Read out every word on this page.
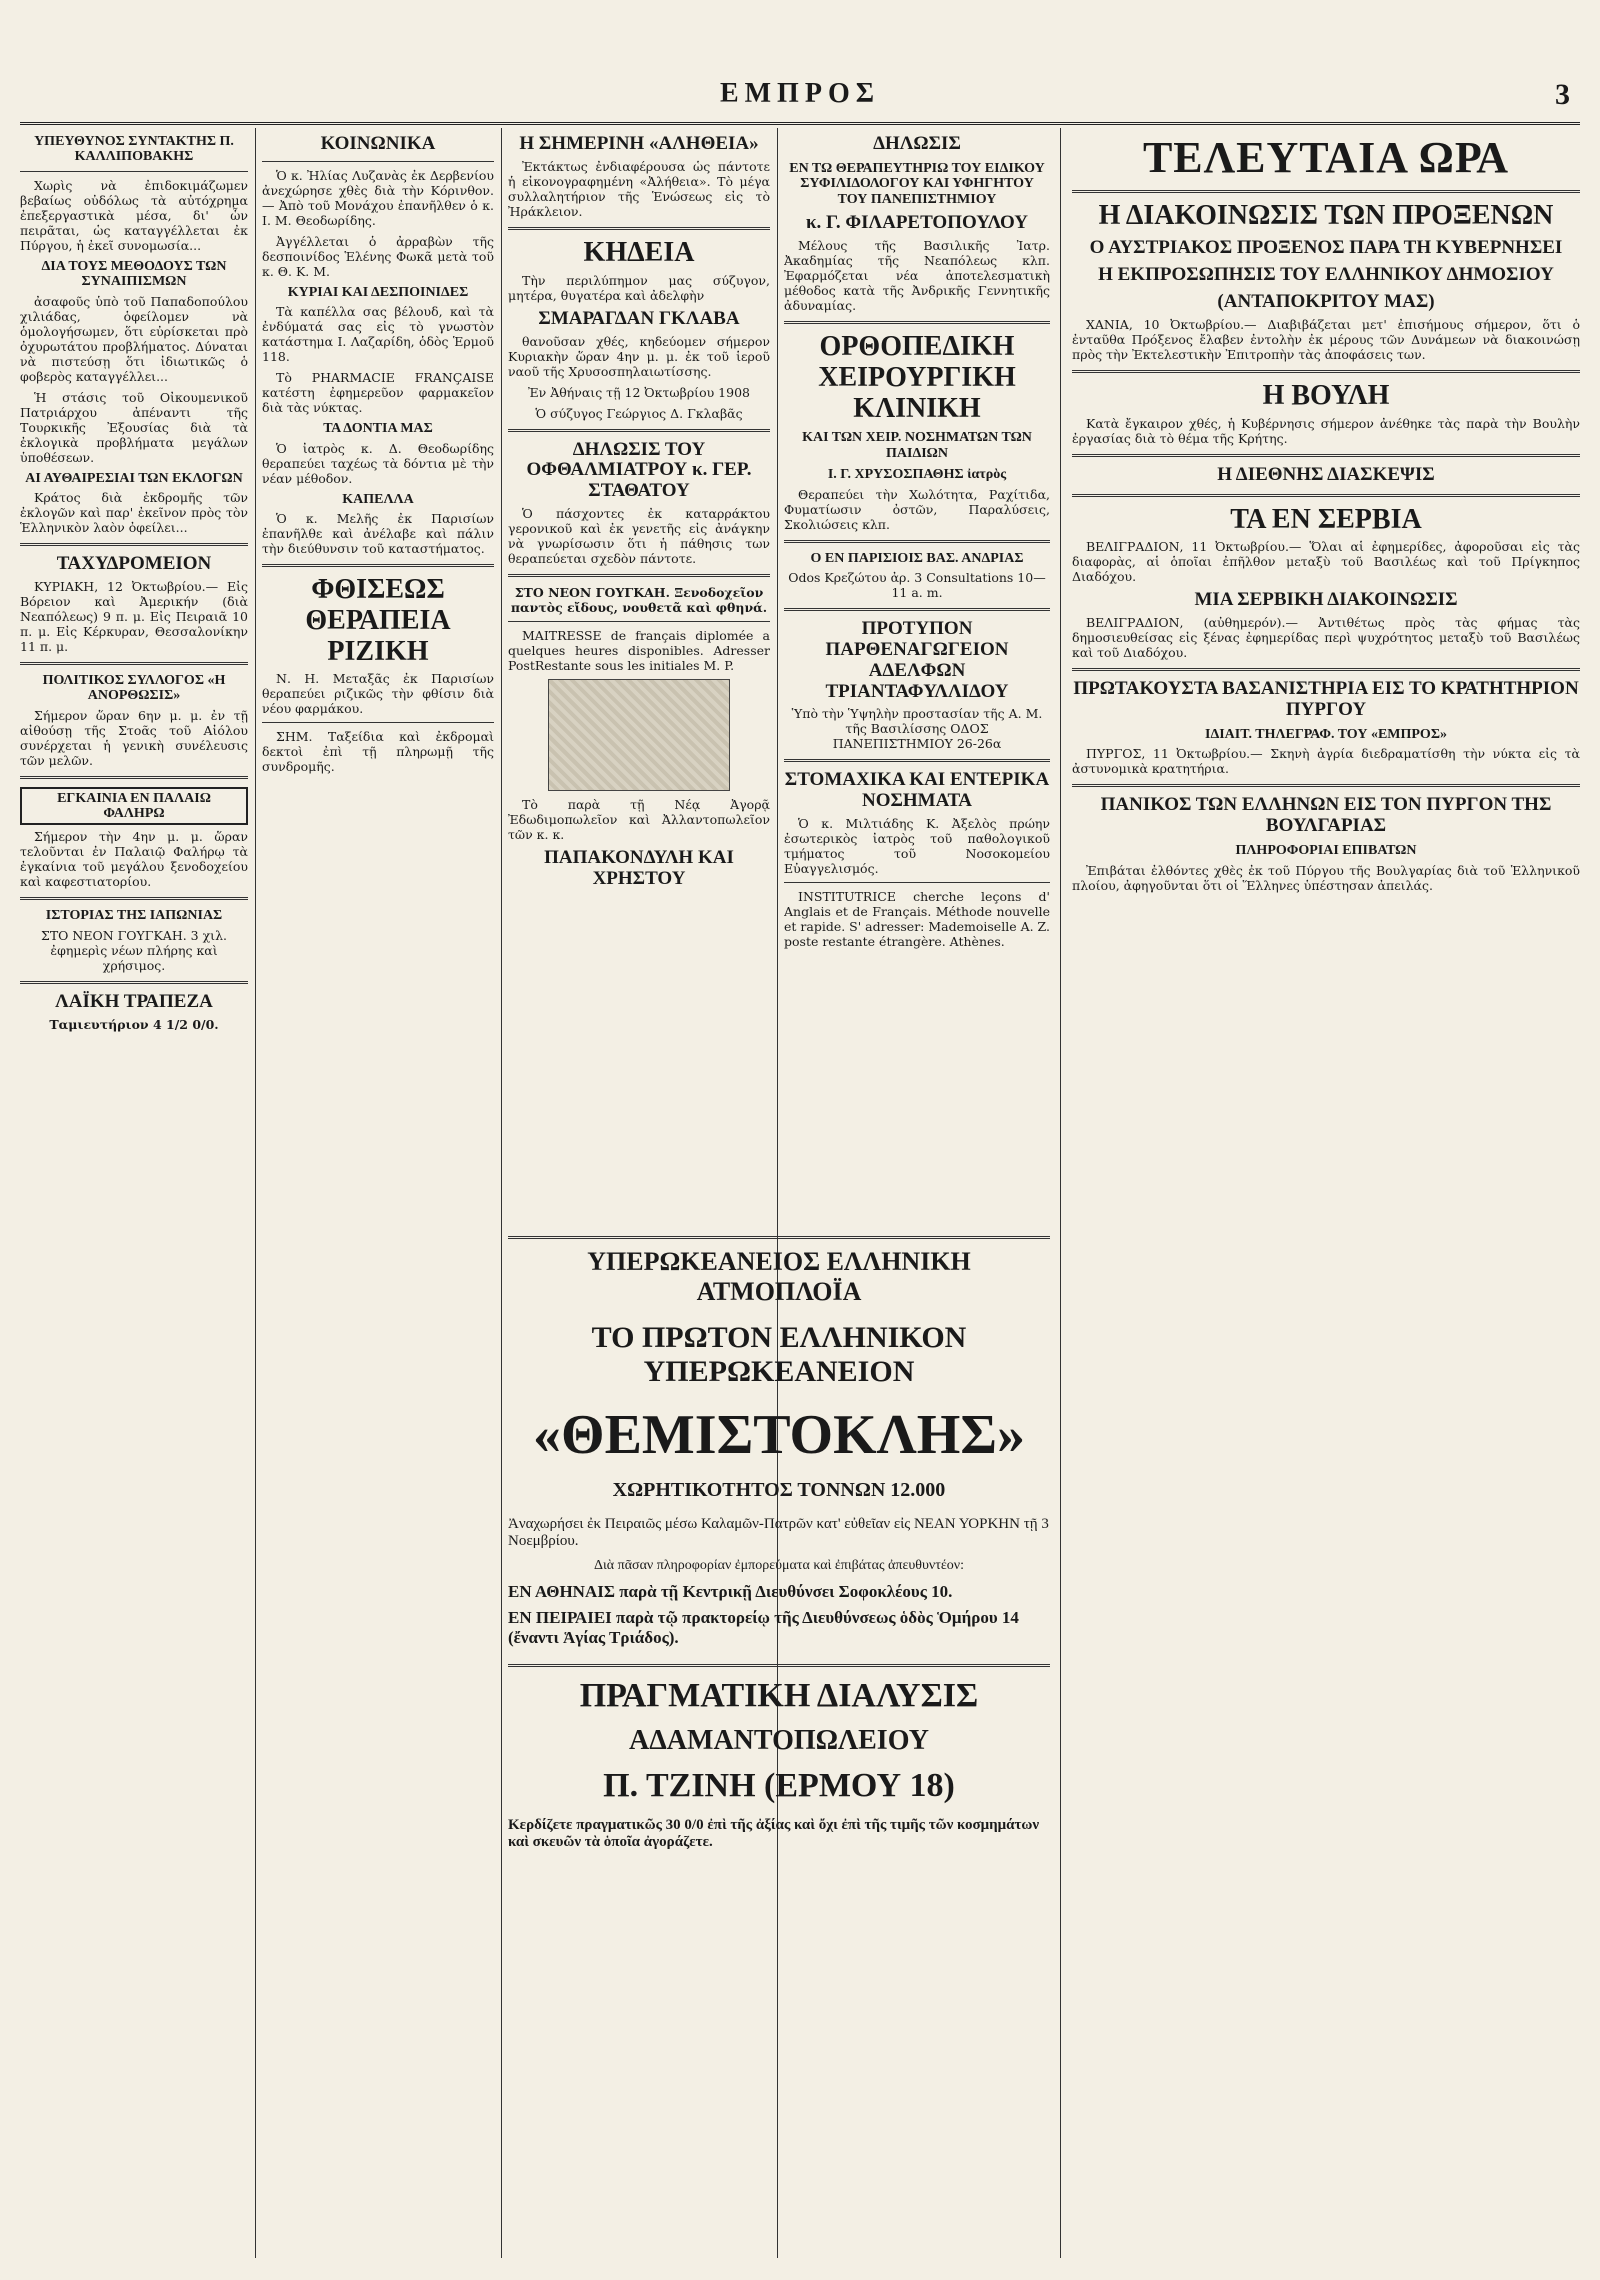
ΕΜΠΡΟΣ	3
ΥΠΕΥΘΥΝΟΣ ΣΥΝΤΑΚΤΗΣ Π. ΚΑΛΛΙΠΟΒΑΚΗΣ

Χωρὶς νὰ ἐπιδοκιμάζωμεν βεβαίως οὐδόλως τὰ αὐτόχρημα ἐπεξεργαστικὰ μέσα, δι' ὧν πειρᾶται, ὡς καταγγέλλεται ἐκ Πύργου, ἡ ἐκεῖ συνομωσία...

ΔΙΑ ΤΟΥΣ ΜΕΘΟΔΟΥΣ ΤΩΝ ΣΥΝΑΙΠΙΣΜΩΝ

ἀσαφοῦς ὑπὸ τοῦ Παπαδοπούλου χιλιάδας, ὁφείλομεν νὰ ὁμολογήσωμεν, ὅτι εὐρίσκεται πρὸ ὀχυρωτάτου προβλήματος. Δύναται νὰ πιστεύσῃ ὅτι ἰδιωτικῶς ὁ φοβερὸς καταγγέλλει...

Ἡ στάσις τοῦ Οἰκουμενικοῦ Πατριάρχου ἀπέναντι τῆς Τουρκικῆς Ἐξουσίας διὰ τὰ ἐκλογικὰ προβλήματα μεγάλων ὑποθέσεων.

ΑΙ ΑΥΘΑΙΡΕΣΙΑΙ ΤΩΝ ΕΚΛΟΓΩΝ

Κράτος διὰ ἐκδρομῆς τῶν ἐκλογῶν καὶ παρ' ἐκεῖνον πρὸς τὸν Ἑλληνικὸν λαὸν ὀφείλει...

ΤΑΧΥΔΡΟΜΕΙΟΝ

ΚΥΡΙΑΚΗ, 12 Ὀκτωβρίου.— Εἰς Βόρειον καὶ Ἀμερικήν (διὰ Νεαπόλεως) 9 π. μ. Εἰς Πειραιᾶ 10 π. μ. Εἰς Κέρκυραν, Θεσσαλονίκην 11 π. μ.

ΠΟΛΙΤΙΚΟΣ ΣΥΛΛΟΓΟΣ «Η ΑΝΟΡΘΩΣΙΣ»

Σήμερον ὥραν 6ην μ. μ. ἐν τῇ αἰθούσῃ τῆς Στοᾶς τοῦ Αἰόλου συνέρχεται ἡ γενικὴ συνέλευσις τῶν μελῶν.

ΕΓΚΑΙΝΙΑ ΕΝ ΠΑΛΑΙΩ ΦΑΛΗΡΩ

Σήμερον τὴν 4ην μ. μ. ὥραν τελοῦνται ἐν Παλαιῷ Φαλήρῳ τὰ ἐγκαίνια τοῦ μεγάλου ξενοδοχείου καὶ καφεστιατορίου.

ΙΣΤΟΡΙΑΣ ΤΗΣ ΙΑΠΩΝΙΑΣ

ΣΤΟ ΝΕΟΝ ΓΟΥΓΚΑΗ. 3 χιλ. ἐφημερὶς νέων πλήρης καὶ χρήσιμος.

ΛΑΪΚΗ ΤΡΑΠΕΖΑ

Ταμιευτήριον 4 1/2 0/0.

ΚΟΙΝΩΝΙΚΑ

Ὁ κ. Ἠλίας Λυζανὰς ἐκ Δερβενίου ἀνεχώρησε χθὲς διὰ τὴν Κόρινθον. — Ἀπὸ τοῦ Μονάχου ἐπανῆλθεν ὁ κ. Ι. Μ. Θεοδωρίδης.

Ἀγγέλλεται ὁ ἀρραβὼν τῆς δεσποινίδος Ἑλένης Φωκᾶ μετὰ τοῦ κ. Θ. Κ. Μ.

ΚΥΡΙΑΙ ΚΑΙ ΔΕΣΠΟΙΝΙΔΕΣ

Τὰ καπέλλα σας βέλουδ, καὶ τὰ ἐνδύματά σας εἰς τὸ γνωστὸν κατάστημα Ι. Λαζαρίδη, ὁδὸς Ἑρμοῦ 118.

Τὸ PHARMACIE FRANÇAISE κατέστη ἐφημερεῦον φαρμακεῖον διὰ τὰς νύκτας.

ΤΑ ΔΟΝΤΙΑ ΜΑΣ

Ὁ ἰατρὸς κ. Δ. Θεοδωρίδης θεραπεύει ταχέως τὰ δόντια μὲ τὴν νέαν μέθοδον.

ΚΑΠΕΛΛΑ

Ὁ κ. Μελῆς ἐκ Παρισίων ἐπανῆλθε καὶ ἀνέλαβε καὶ πάλιν τὴν διεύθυνσιν τοῦ καταστήματος.

ΦΘΙΣΕΩΣ ΘΕΡΑΠΕΙΑ ΡΙΖΙΚΗ

Ν. Η. Μεταξᾶς ἐκ Παρισίων θεραπεύει ριζικῶς τὴν φθίσιν διὰ νέου φαρμάκου.

ΣΗΜ. Ταξείδια καὶ ἐκδρομαὶ δεκτοὶ ἐπὶ τῇ πληρωμῇ τῆς συνδρομῆς.

Η ΣΗΜΕΡΙΝΗ «ΑΛΗΘΕΙΑ»

Ἐκτάκτως ἐνδιαφέρουσα ὡς πάντοτε ἡ εἰκονογραφημένη «Ἀλήθεια». Τὸ μέγα συλλαλητήριον τῆς Ἑνώσεως εἰς τὸ Ἠράκλειον.

ΚΗΔΕΙΑ

Τὴν περιλύπημον μας σύζυγον, μητέρα, θυγατέρα καὶ ἀδελφὴν

ΣΜΑΡΑΓΔΑΝ ΓΚΛΑΒΑ

θανοῦσαν χθές, κηδεύομεν σήμερον Κυριακὴν ὥραν 4ην μ. μ. ἐκ τοῦ ἱεροῦ ναοῦ τῆς Χρυσοσπηλαιωτίσσης.

Ἐν Ἀθήναις τῇ 12 Ὀκτωβρίου 1908

Ὁ σύζυγος Γεώργιος Δ. Γκλαβᾶς

ΔΗΛΩΣΙΣ ΤΟΥ ΟΦΘΑΛΜΙΑΤΡΟΥ κ. ΓΕΡ. ΣΤΑΘΑΤΟΥ

Ὁ πάσχοντες ἐκ καταρράκτου γερονικοῦ καὶ ἐκ γενετῆς εἰς ἀνάγκην νὰ γνωρίσωσιν ὅτι ἡ πάθησις των θεραπεύεται σχεδὸν πάντοτε.

ΣΤΟ ΝΕΟΝ ΓΟΥΓΚΑΗ. Ξενοδοχεῖον παντὸς εἴδους, νουθετᾶ καὶ φθηνά.

MAITRESSE de français diplomée a quelques heures disponibles. Adresser PostRestante sous les initiales M. P.

Τὸ παρὰ τῇ Νέᾳ Ἀγορᾷ Ἐδωδιμοπωλεῖον καὶ Ἀλλαντοπωλεῖον τῶν κ. κ.

ΠΑΠΑΚΟΝΔΥΛΗ ΚΑΙ ΧΡΗΣΤΟΥ
ΔΗΛΩΣΙΣ
ΕΝ ΤΩ ΘΕΡΑΠΕΥΤΗΡΙΩ ΤΟΥ ΕΙΔΙΚΟΥ ΣΥΦΙΛΙΔΟΛΟΓΟΥ ΚΑΙ ΥΦΗΓΗΤΟΥ ΤΟΥ ΠΑΝΕΠΙΣΤΗΜΙΟΥ
κ. Γ. ΦΙΛΑΡΕΤΟΠΟΥΛΟΥ

Μέλους τῆς Βασιλικῆς Ἰατρ. Ἀκαδημίας τῆς Νεαπόλεως κλπ. Ἐφαρμόζεται νέα ἀποτελεσματικὴ μέθοδος κατὰ τῆς Ἀνδρικῆς Γεννητικῆς ἀδυναμίας.

ΟΡΘΟΠΕΔΙΚΗ ΧΕΙΡΟΥΡΓΙΚΗ ΚΛΙΝΙΚΗ
ΚΑΙ ΤΩΝ ΧΕΙΡ. ΝΟΣΗΜΑΤΩΝ ΤΩΝ ΠΑΙΔΙΩΝ
Ι. Γ. ΧΡΥΣΟΣΠΑΘΗΣ ἰατρὸς

Θεραπεύει τὴν Χωλότητα, Ραχίτιδα, Φυματίωσιν ὀστῶν, Παραλύσεις, Σκολιώσεις κλπ.

Ο ΕΝ ΠΑΡΙΣΙΟΙΣ ΒΑΣ. ΑΝΔΡΙΑΣ

Odos Κρεζώτου ἀρ. 3 Consultations 10—11 a. m.

ΠΡΟΤΥΠΟΝ ΠΑΡΘΕΝΑΓΩΓΕΙΟΝ ΑΔΕΛΦΩΝ ΤΡΙΑΝΤΑΦΥΛΛΙΔΟΥ

Ὑπὸ τὴν Ὑψηλὴν προστασίαν τῆς Α. Μ. τῆς Βασιλίσσης ΟΔΟΣ ΠΑΝΕΠΙΣΤΗΜΙΟΥ 26-26α

ΣΤΟΜΑΧΙΚΑ ΚΑΙ ΕΝΤΕΡΙΚΑ ΝΟΣΗΜΑΤΑ

Ὁ κ. Μιλτιάδης Κ. Ἀξελὸς πρώην ἐσωτερικὸς ἰατρὸς τοῦ παθολογικοῦ τμήματος τοῦ Νοσοκομείου Εὐαγγελισμός.

INSTITUTRICE cherche leçons d' Anglais et de Français. Méthode nouvelle et rapide. S' adresser: Mademoiselle A. Z. poste restante étrangère. Athènes.

ΥΠΕΡΩΚΕΑΝΕΙΟΣ ΕΛΛΗΝΙΚΗ ΑΤΜΟΠΛΟΪΑ
ΤΟ ΠΡΩΤΟΝ ΕΛΛΗΝΙΚΟΝ ΥΠΕΡΩΚΕΑΝΕΙΟΝ
«ΘΕΜΙΣΤΟΚΛΗΣ»
ΧΩΡΗΤΙΚΟΤΗΤΟΣ ΤΟΝΝΩΝ 12.000
Ἀναχωρήσει ἐκ Πειραιῶς μέσω Καλαμῶν-Πατρῶν κατ' εὐθεῖαν εἰς ΝΕΑΝ ΥΟΡΚΗΝ τῇ 3 Νοεμβρίου.
Διὰ πᾶσαν πληροφορίαν ἐμπορεύματα καὶ ἐπιβάτας ἀπευθυντέον:
ΕΝ ΑΘΗΝΑΙΣ παρὰ τῇ Κεντρικῇ Διευθύνσει Σοφοκλέους 10.
ΕΝ ΠΕΙΡΑΙΕΙ παρὰ τῷ πρακτορείῳ τῆς Διευθύνσεως ὁδὸς Ὁμήρου 14 (ἔναντι Ἁγίας Τριάδος).
ΠΡΑΓΜΑΤΙΚΗ ΔΙΑΛΥΣΙΣ
ΑΔΑΜΑΝΤΟΠΩΛΕΙΟΥ
Π. ΤΖΙΝΗ (ΕΡΜΟΥ 18)
Κερδίζετε πραγματικῶς 30 0/0 ἐπὶ τῆς ἀξίας καὶ ὄχι ἐπὶ τῆς τιμῆς τῶν κοσμημάτων καὶ σκευῶν τὰ ὁποῖα ἀγοράζετε.
ΤΕΛΕΥΤΑΙΑ ΩΡΑ
Η ΔΙΑΚΟΙΝΩΣΙΣ ΤΩΝ ΠΡΟΞΕΝΩΝ
Ο ΑΥΣΤΡΙΑΚΟΣ ΠΡΟΞΕΝΟΣ ΠΑΡΑ ΤΗ ΚΥΒΕΡΝΗΣΕΙ
Η ΕΚΠΡΟΣΩΠΗΣΙΣ ΤΟΥ ΕΛΛΗΝΙΚΟΥ ΔΗΜΟΣΙΟΥ
(ΑΝΤΑΠΟΚΡΙΤΟΥ ΜΑΣ)

ΧΑΝΙΑ, 10 Ὀκτωβρίου.— Διαβιβάζεται μετ' ἐπισήμους σήμερον, ὅτι ὁ ἐνταῦθα Πρόξενος ἔλαβεν ἐντολὴν ἐκ μέρους τῶν Δυνάμεων νὰ διακοινώσῃ πρὸς τὴν Ἐκτελεστικὴν Ἐπιτροπὴν τὰς ἀποφάσεις των.

Η ΒΟΥΛΗ

Κατὰ ἔγκαιρον χθές, ἡ Κυβέρνησις σήμερον ἀνέθηκε τὰς παρὰ τὴν Βουλὴν ἐργασίας διὰ τὸ θέμα τῆς Κρήτης.

Η ΔΙΕΘΝΗΣ ΔΙΑΣΚΕΨΙΣ
ΤΑ ΕΝ ΣΕΡΒΙΑ

ΒΕΛΙΓΡΑΔΙΟΝ, 11 Ὀκτωβρίου.— Ὅλαι αἱ ἐφημερίδες, ἀφοροῦσαι εἰς τὰς διαφορὰς, αἱ ὁποῖαι ἐπῆλθον μεταξὺ τοῦ Βασιλέως καὶ τοῦ Πρίγκηπος Διαδόχου.

ΜΙΑ ΣΕΡΒΙΚΗ ΔΙΑΚΟΙΝΩΣΙΣ

ΒΕΛΙΓΡΑΔΙΟΝ, (αὐθημερόν).— Ἀντιθέτως πρὸς τὰς φήμας τὰς δημοσιευθείσας εἰς ξένας ἐφημερίδας περὶ ψυχρότητος μεταξὺ τοῦ Βασιλέως καὶ τοῦ Διαδόχου.

ΠΡΩΤΑΚΟΥΣΤΑ ΒΑΣΑΝΙΣΤΗΡΙΑ ΕΙΣ ΤΟ ΚΡΑΤΗΤΗΡΙΟΝ ΠΥΡΓΟΥ
ΙΔΙΑΙΤ. ΤΗΛΕΓΡΑΦ. ΤΟΥ «ΕΜΠΡΟΣ»

ΠΥΡΓΟΣ, 11 Ὀκτωβρίου.— Σκηνὴ ἀγρία διεδραματίσθη τὴν νύκτα εἰς τὰ ἀστυνομικὰ κρατητήρια.

ΠΑΝΙΚΟΣ ΤΩΝ ΕΛΛΗΝΩΝ ΕΙΣ ΤΟΝ ΠΥΡΓΟΝ ΤΗΣ ΒΟΥΛΓΑΡΙΑΣ
ΠΛΗΡΟΦΟΡΙΑΙ ΕΠΙΒΑΤΩΝ

Ἐπιβάται ἐλθόντες χθὲς ἐκ τοῦ Πύργου τῆς Βουλγαρίας διὰ τοῦ Ἑλληνικοῦ πλοίου, ἀφηγοῦνται ὅτι οἱ Ἕλληνες ὑπέστησαν ἀπειλάς.
